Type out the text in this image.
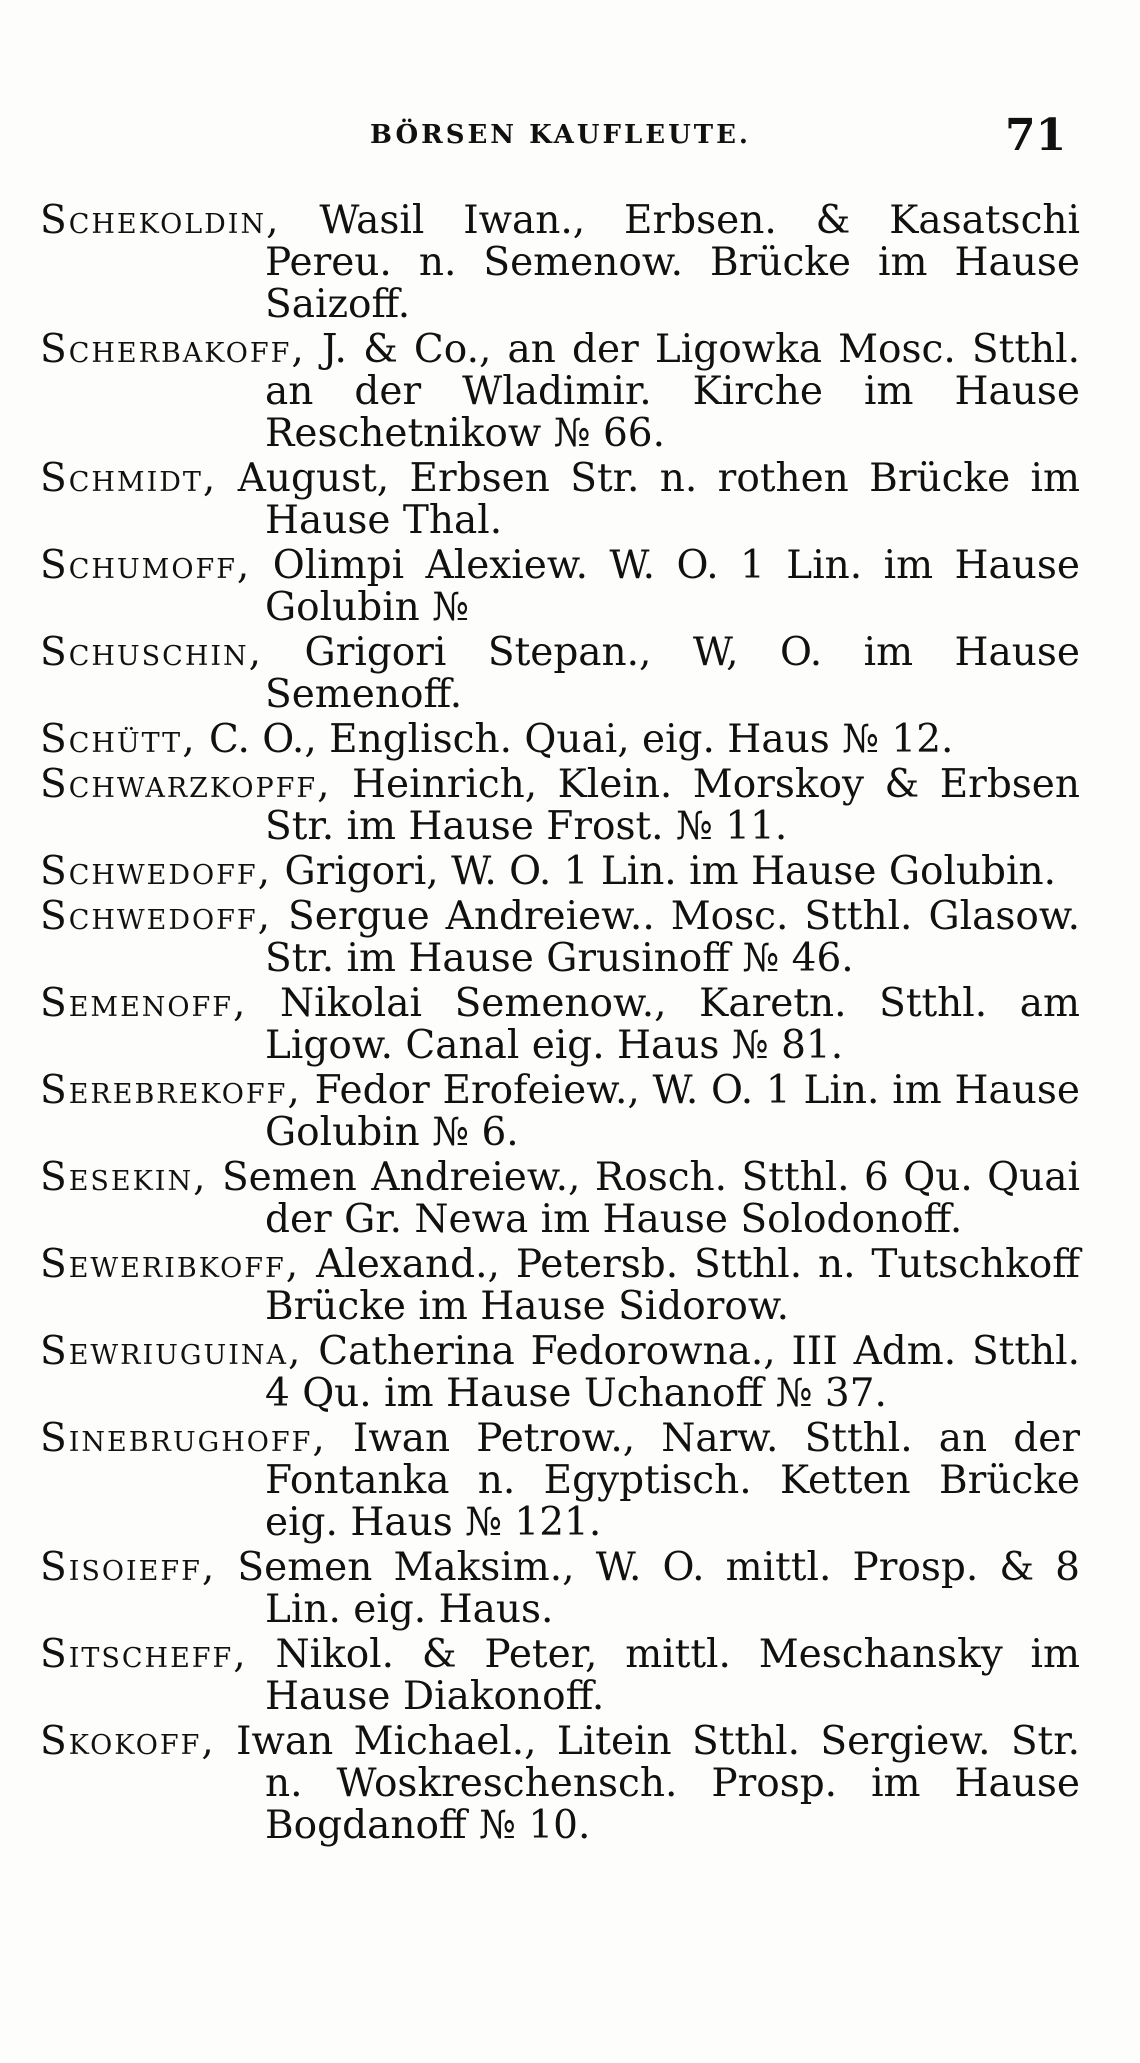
BÖRSEN KAUFLEUTE.	71

Schekoldin, Wasil Iwan., Erbsen. & Kasatschi Pereu. n. Semenow. Brücke im Hause Saizoff.

Scherbakoff, J. & Co., an der Ligowka Mosc. Stthl. an der Wladimir. Kirche im Hause Reschetnikow № 66.

Schmidt, August, Erbsen Str. n. rothen Brücke im Hause Thal.

Schumoff, Olimpi Alexiew. W. O. 1 Lin. im Hause Golubin №

Schuschin, Grigori Stepan., W, O. im Hause Semenoff.

Schütt, C. O., Englisch. Quai, eig. Haus № 12.

Schwarzkopff, Heinrich, Klein. Morskoy & Erbsen Str. im Hause Frost. № 11.

Schwedoff, Grigori, W. O. 1 Lin. im Hause Golubin.

Schwedoff, Sergue Andreiew.. Mosc. Stthl. Glasow. Str. im Hause Grusinoff № 46.

Semenoff, Nikolai Semenow., Karetn. Stthl. am Ligow. Canal eig. Haus № 81.

Serebrekoff, Fedor Erofeiew., W. O. 1 Lin. im Hause Golubin № 6.

Sesekin, Semen Andreiew., Rosch. Stthl. 6 Qu. Quai der Gr. Newa im Hause Solodonoff.

Seweribkoff, Alexand., Petersb. Stthl. n. Tutschkoff Brücke im Hause Sidorow.

Sewriuguina, Catherina Fedorowna., III Adm. Stthl. 4 Qu. im Hause Uchanoff № 37.

Sinebrughoff, Iwan Petrow., Narw. Stthl. an der Fontanka n. Egyptisch. Ketten Brücke eig. Haus № 121.

Sisoieff, Semen Maksim., W. O. mittl. Prosp. & 8 Lin. eig. Haus.

Sitscheff, Nikol. & Peter, mittl. Meschansky im Hause Diakonoff.

Skokoff, Iwan Michael., Litein Stthl. Sergiew. Str. n. Woskreschensch. Prosp. im Hause Bogdanoff № 10.
